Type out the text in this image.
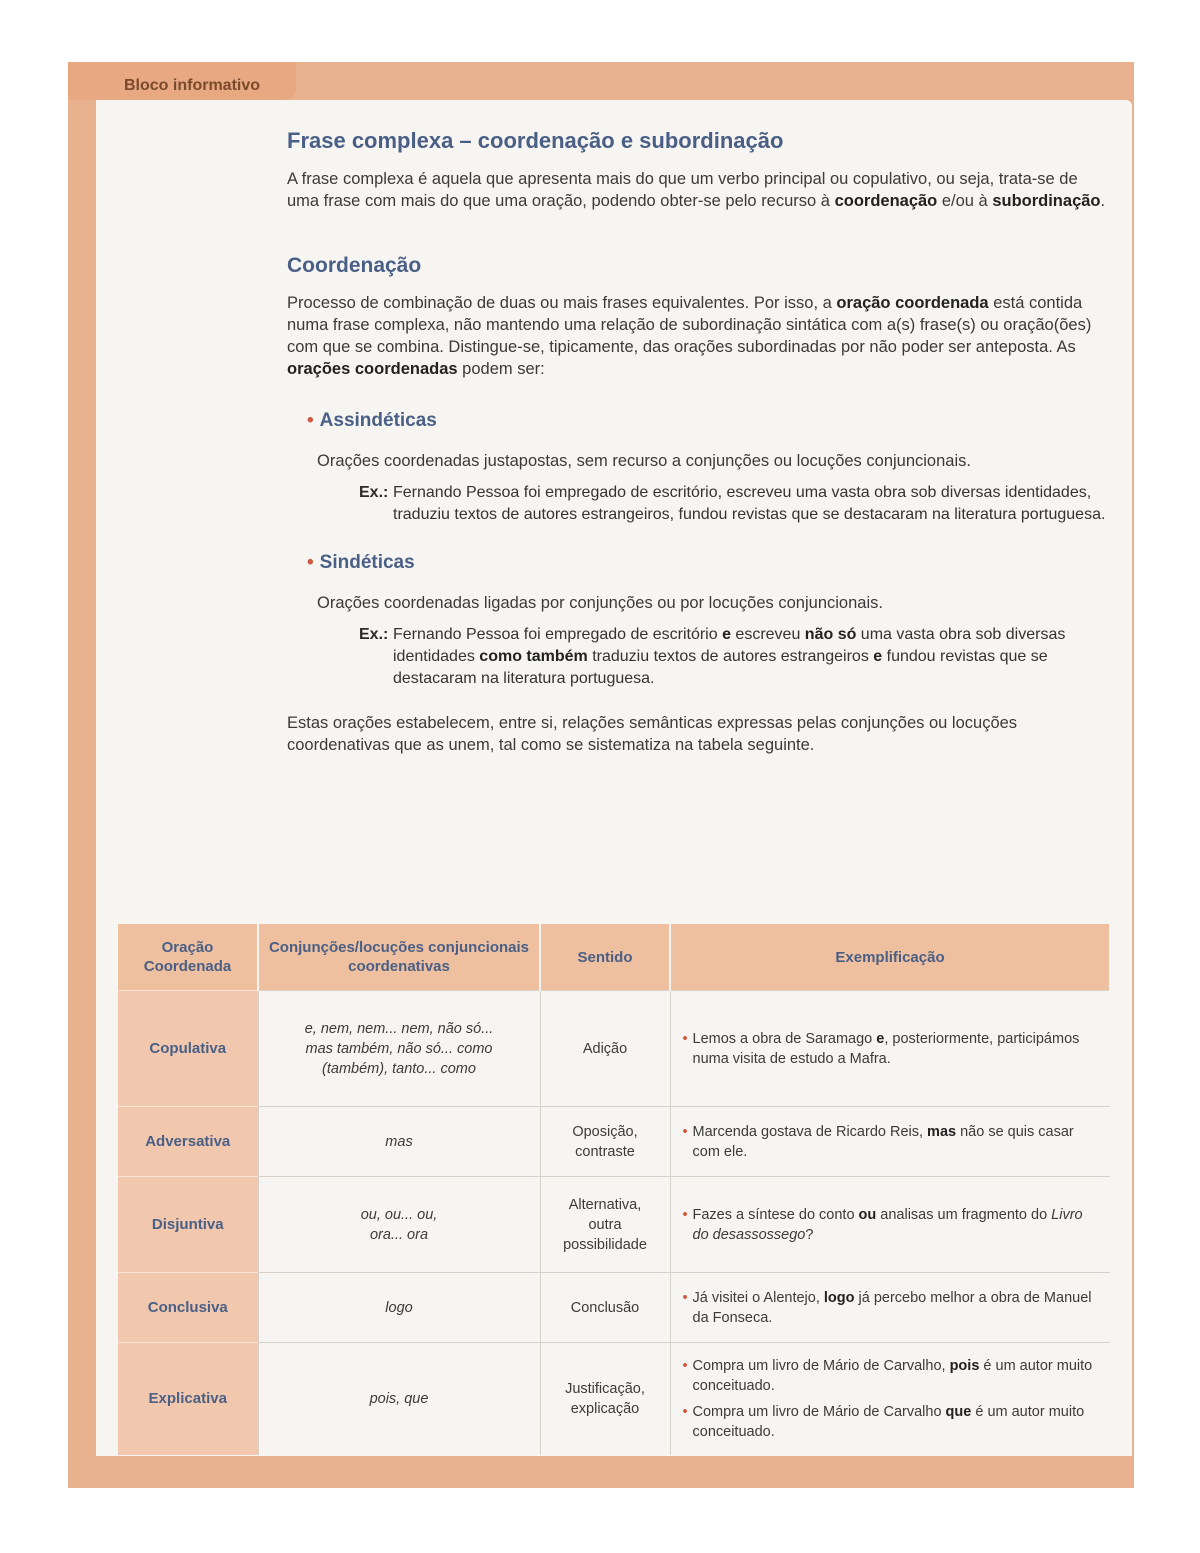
Bloco informativo
Frase complexa – coordenação e subordinação

A frase complexa é aquela que apresenta mais do que um verbo principal ou copulativo, ou seja, trata-se de uma frase com mais do que uma oração, podendo obter-se pelo recurso à coordenação e/ou à subordinação.

Coordenação

Processo de combinação de duas ou mais frases equivalentes. Por isso, a oração coordenada está contida numa frase complexa, não mantendo uma relação de subordinação sintática com a(s) frase(s) ou oração(ões) com que se combina. Distingue-se, tipicamente, das orações subordinadas por não poder ser anteposta. As orações coordenadas podem ser:

• Assindéticas

Orações coordenadas justapostas, sem recurso a conjunções ou locuções conjuncionais.

Ex.: Fernando Pessoa foi empregado de escritório, escreveu uma vasta obra sob diversas identidades, traduziu textos de autores estrangeiros, fundou revistas que se destacaram na literatura portuguesa.

• Sindéticas

Orações coordenadas ligadas por conjunções ou por locuções conjuncionais.

Ex.: Fernando Pessoa foi empregado de escritório e escreveu não só uma vasta obra sob diversas identidades como também traduziu textos de autores estrangeiros e fundou revistas que se destacaram na literatura portuguesa.

Estas orações estabelecem, entre si, relações semânticas expressas pelas conjunções ou locuções coordenativas que as unem, tal como se sistematiza na tabela seguinte.

Oração Coordenada	Conjunções/locuções conjuncionais coordenativas	Sentido	Exemplificação
Copulativa	e, nem, nem... nem, não só... mas também, não só... como (também), tanto... como	Adição	• Lemos a obra de Saramago e, posteriormente, participámos numa visita de estudo a Mafra.

Adversativa	mas	Oposição, contraste	• Marcenda gostava de Ricardo Reis, mas não se quis casar com ele.

Disjuntiva	ou, ou... ou, ora... ora	Alternativa, outra possibilidade	• Fazes a síntese do conto ou analisas um fragmento do Livro do desassossego?

Conclusiva	logo	Conclusão	• Já visitei o Alentejo, logo já percebo melhor a obra de Manuel da Fonseca.

Explicativa	pois, que	Justificação, explicação	• Compra um livro de Mário de Carvalho, pois é um autor muito conceituado.
• Compra um livro de Mário de Carvalho que é um autor muito conceituado.
